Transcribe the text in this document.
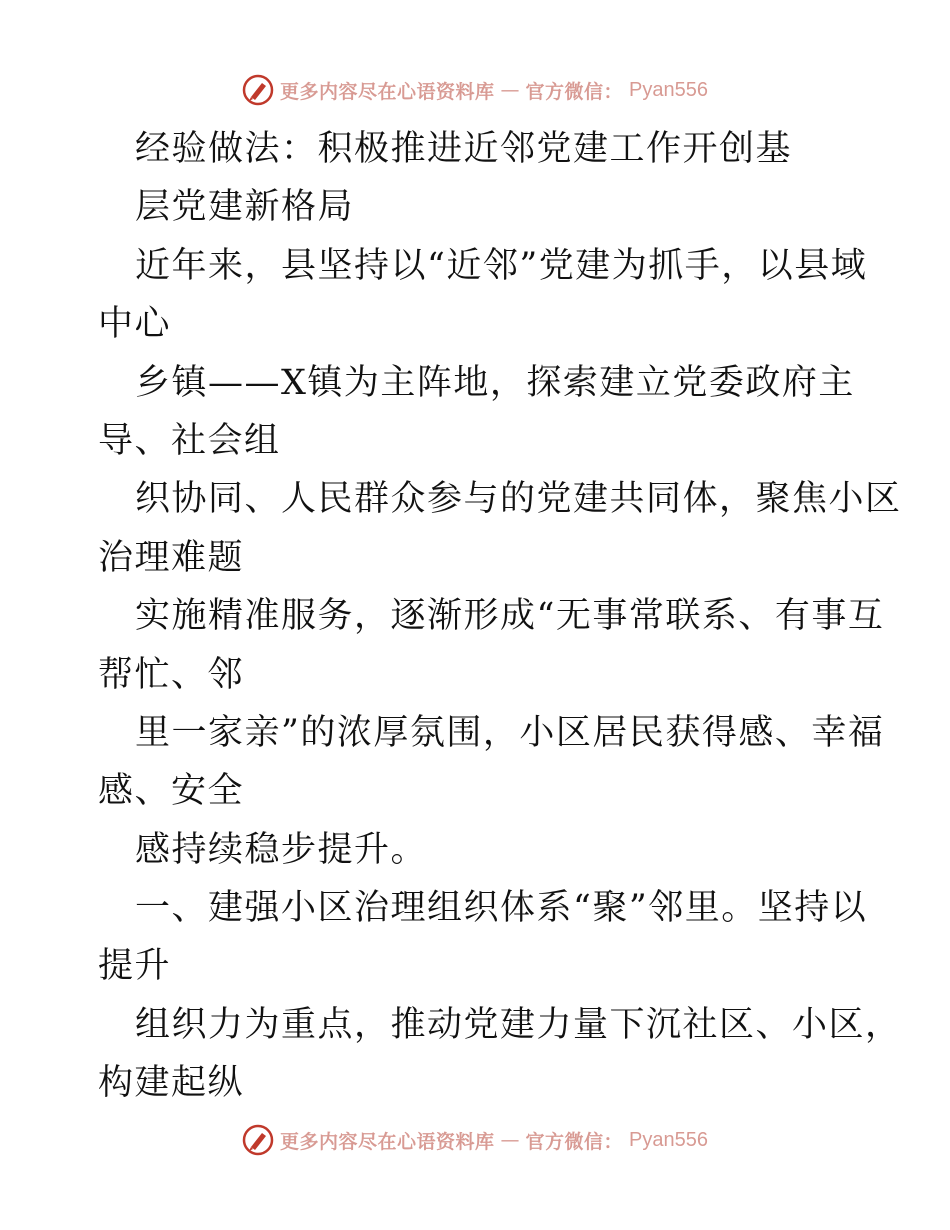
更多内容尽在心语资料库 — 官方微信： Pyan556
经验做法：积极推进近邻党建工作开创基
层党建新格局
近年来，县坚持以“近邻”党建为抓手，以县域
中心
乡镇——X镇为主阵地，探索建立党委政府主
导、社会组
织协同、人民群众参与的党建共同体，聚焦小区
治理难题
实施精准服务，逐渐形成“无事常联系、有事互
帮忙、邻
里一家亲”的浓厚氛围，小区居民获得感、幸福
感、安全
感持续稳步提升。
一、建强小区治理组织体系“聚”邻里。坚持以
提升
组织力为重点，推动党建力量下沉社区、小区，
构建起纵
更多内容尽在心语资料库 — 官方微信： Pyan556
